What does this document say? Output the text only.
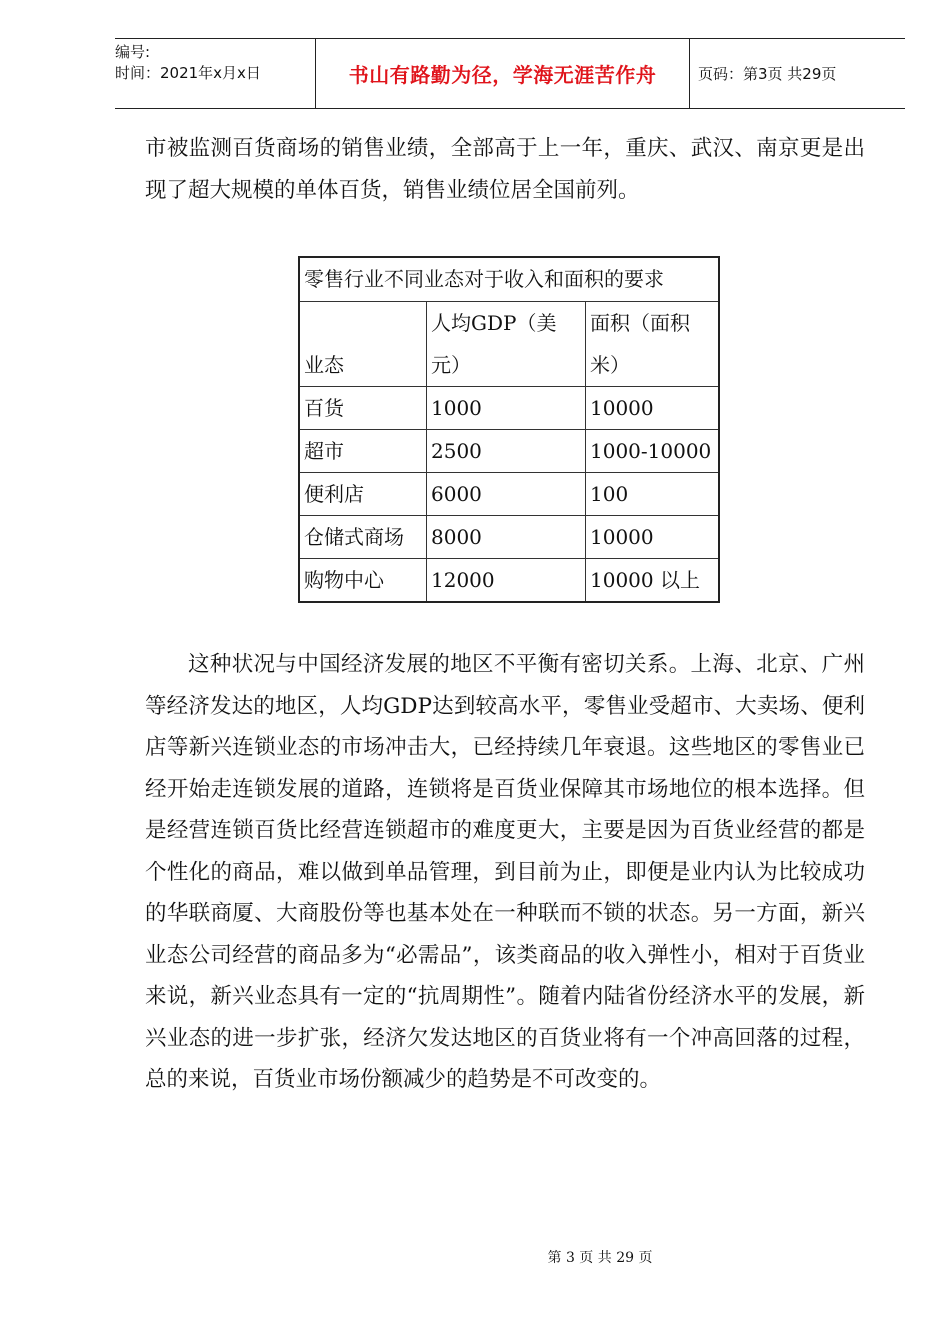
编号:
时间：2021年x月x日	书山有路勤为径，学海无涯苦作舟	页码：第3页 共29页

市被监测百货商场的销售业绩，全部高于上一年，重庆、武汉、南京更是出现了超大规模的单体百货，销售业绩位居全国前列。

零售行业不同业态对于收入和面积的要求		
业态	人均GDP（美元）	面积（面积米）
百货	1000	10000
超市	2500	1000-10000
便利店	6000	100
仓储式商场	8000	10000
购物中心	12000	10000 以上

这种状况与中国经济发展的地区不平衡有密切关系。上海、北京、广州等经济发达的地区，人均GDP达到较高水平，零售业受超市、大卖场、便利店等新兴连锁业态的市场冲击大，已经持续几年衰退。这些地区的零售业已经开始走连锁发展的道路，连锁将是百货业保障其市场地位的根本选择。但是经营连锁百货比经营连锁超市的难度更大，主要是因为百货业经营的都是个性化的商品，难以做到单品管理，到目前为止，即便是业内认为比较成功的华联商厦、大商股份等也基本处在一种联而不锁的状态。另一方面，新兴业态公司经营的商品多为“必需品”，该类商品的收入弹性小，相对于百货业来说，新兴业态具有一定的“抗周期性”。随着内陆省份经济水平的发展，新兴业态的进一步扩张，经济欠发达地区的百货业将有一个冲高回落的过程，总的来说，百货业市场份额减少的趋势是不可改变的。

第 3 页 共 29 页
